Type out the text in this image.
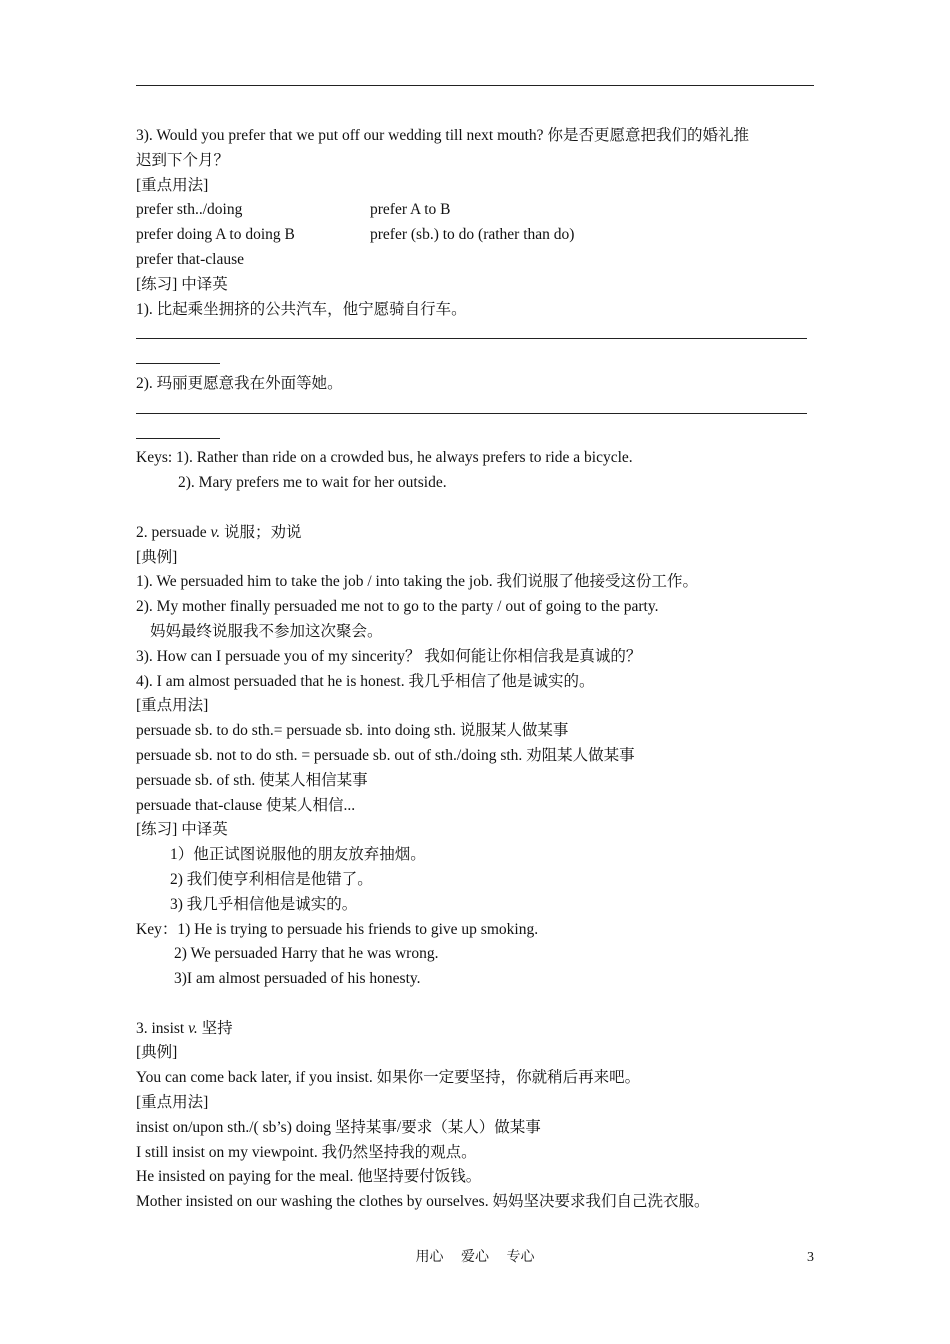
3). Would you prefer that we put off our wedding till next mouth? 你是否更愿意把我们的婚礼推
迟到下个月？
[重点用法]
prefer sth../doing	prefer A to B
prefer doing A to doing B	prefer (sb.) to do (rather than do)
prefer that-clause
[练习] 中译英
1). 比起乘坐拥挤的公共汽车，他宁愿骑自行车。
2). 玛丽更愿意我在外面等她。
Keys: 1). Rather than ride on a crowded bus, he always prefers to ride a bicycle.
2). Mary prefers me to wait for her outside.
2. persuade v. 说服；劝说
[典例]
1). We persuaded him to take the job / into taking the job. 我们说服了他接受这份工作。
2). My mother finally persuaded me not to go to the party / out of going to the party.
妈妈最终说服我不参加这次聚会。
3). How can I persuade you of my sincerity？ 我如何能让你相信我是真诚的？
4). I am almost persuaded that he is honest. 我几乎相信了他是诚实的。
[重点用法]
persuade sb. to do sth.= persuade sb. into doing sth. 说服某人做某事
persuade sb. not to do sth. = persuade sb. out of sth./doing sth. 劝阻某人做某事
persuade sb. of sth. 使某人相信某事
persuade that-clause 使某人相信...
[练习] 中译英
1）他正试图说服他的朋友放弃抽烟。
2) 我们使亨利相信是他错了。
3) 我几乎相信他是诚实的。
Key：1) He is trying to persuade his friends to give up smoking.
2) We persuaded Harry that he was wrong.
3)I am almost persuaded of his honesty.
3. insist v. 坚持
[典例]
You can come back later, if you insist. 如果你一定要坚持，你就稍后再来吧。
[重点用法]
insist on/upon sth./( sb’s) doing 坚持某事/要求（某人）做某事
I still insist on my viewpoint. 我仍然坚持我的观点。
He insisted on paying for the meal. 他坚持要付饭钱。
Mother insisted on our washing the clothes by ourselves. 妈妈坚决要求我们自己洗衣服。
用心 爱心 专心	3
